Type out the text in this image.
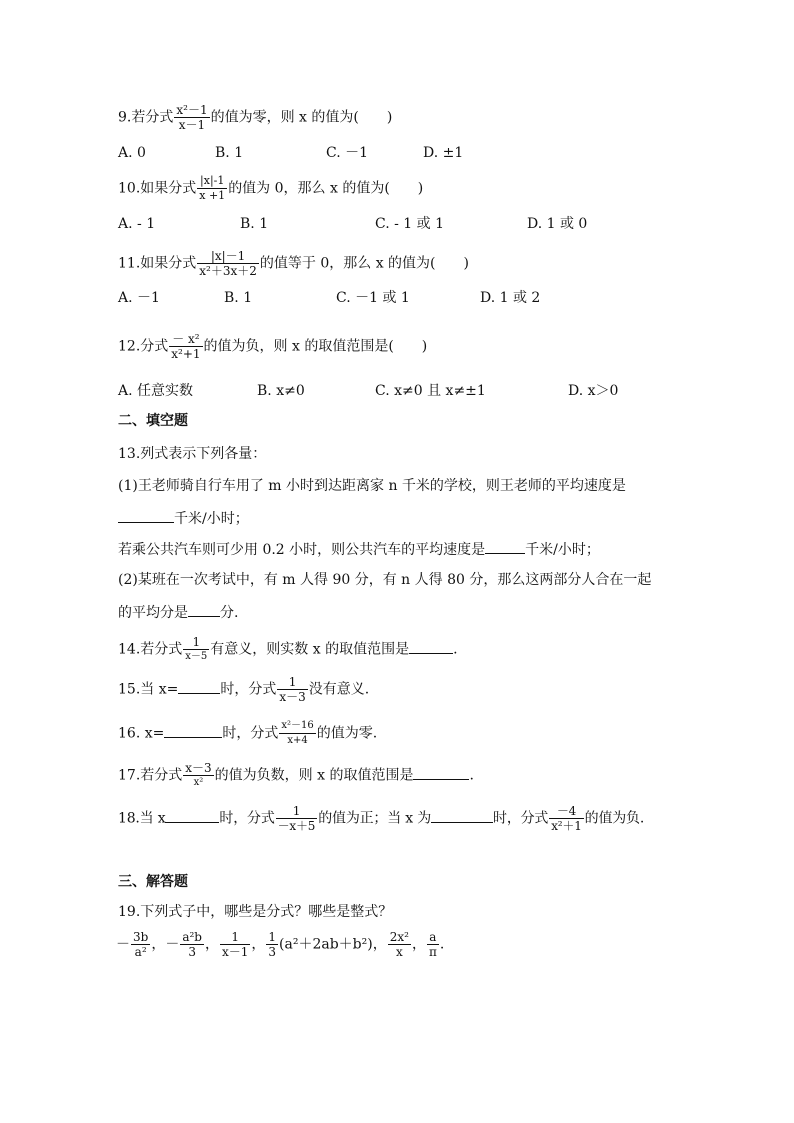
9.若分式 $\frac{\text{x²－1}}{x-1}$ 的值为零，则 x 的值为(　　)
A. 0	B. 1	C. －1	D. ±1
10.如果分式 $\frac{|x|-1}{x +1}$ 的值为 0，那么 x 的值为(　　)
A. - 1	B. 1	C. - 1 或 1	D. 1 或 0
11.如果分式 $\frac{|x|-1}{\text{x²＋3x＋2}}$ 的值等于 0，那么 x 的值为(　　)
A. －1	B. 1	C. －1 或 1	D. 1 或 2
12.分式 $\frac{\text{－ x²}}{\text{x²+1}}$ 的值为负，则 x 的取值范围是(　　)
A. 任意实数	B. x≠0	C. x≠0 且 x≠±1	D. x＞0
二、填空题
13.列式表示下列各量：
(1)王老师骑自行车用了 m 小时到达距离家 n 千米的学校，则王老师的平均速度是
千米/小时；
若乘公共汽车则可少用 0.2 小时，则公共汽车的平均速度是	千米/小时；
(2)某班在一次考试中，有 m 人得 90 分，有 n 人得 80 分，那么这两部分人合在一起
的平均分是 分.
14.若分式 $\frac{1}{x-5}$ 有意义，则实数 x 的取值范围是	.
15.当 x=	时，分式 $\frac{1}{x-3}$ 没有意义.
16. x=	时，分式 $\frac{\text{x²－16}}{x+4}$ 的值为零.
17.若分式 $\frac{x-3}{\text{x²}}$ 的值为负数，则 x 的取值范围是	.
18.当 x	时，分式 $\frac{1}{-x+5}$ 的值为正；当 x 为	时，分式 $\frac{-4}{\text{x²＋1}}$ 的值为负.
三、解答题
19.下列式子中，哪些是分式？哪些是整式？
－ $\frac{3b}{\text{a²}}$ ，－ $\frac{\text{a²b}}{3}$ ， $\frac{1}{x-1}$ ， $\frac{1}{3} (a^2+2ab+b^2)$， $\frac{\text{2x²}}{x}$ ， $\frac{a}{\pi}$ .
